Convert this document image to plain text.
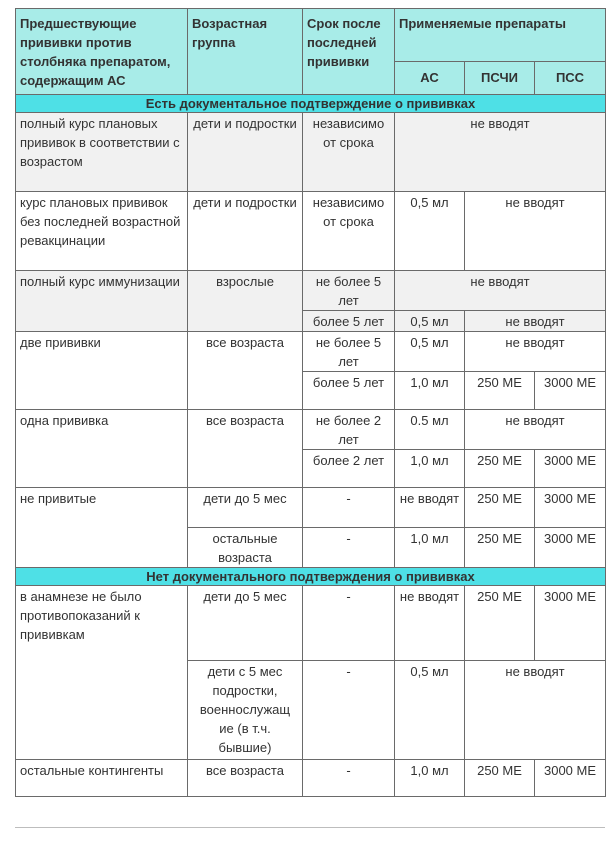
Предшествующие прививки против столбняка препаратом, содержащим АС	Возрастная группа	Срок после последней прививки	Применяемые препараты		
			АС	ПСЧИ	ПСС
Есть документальное подтверждение о прививках					
полный курс плановых прививок в соответствии с возрастом	дети и подростки	независимо от срока	не вводят		
курс плановых прививок без последней возрастной ревакцинации	дети и подростки	независимо от срока	0,5 мл	не вводят	
полный курс иммунизации	взрослые	не более 5 лет	не вводят		
		более 5 лет	0,5 мл	не вводят	
две прививки	все возраста	не более 5 лет	0,5 мл	не вводят	
		более 5 лет	1,0 мл	250 МЕ	3000 МЕ
одна прививка	все возраста	не более 2 лет	0.5 мл	не вводят	
		более 2 лет	1,0 мл	250 МЕ	3000 МЕ
не привитые	дети до 5 мес	-	не вводят	250 МЕ	3000 МЕ
	остальные возраста	-	1,0 мл	250 МЕ	3000 МЕ
Нет документального подтверждения о прививках					
в анамнезе не было противопоказаний к прививкам	дети до 5 мес	-	не вводят	250 МЕ	3000 МЕ
	дети с 5 мес подростки, военнослужащ ие (в т.ч. бывшие)	-	0,5 мл	не вводят	
остальные контингенты	все возраста	-	1,0 мл	250 МЕ	3000 МЕ
